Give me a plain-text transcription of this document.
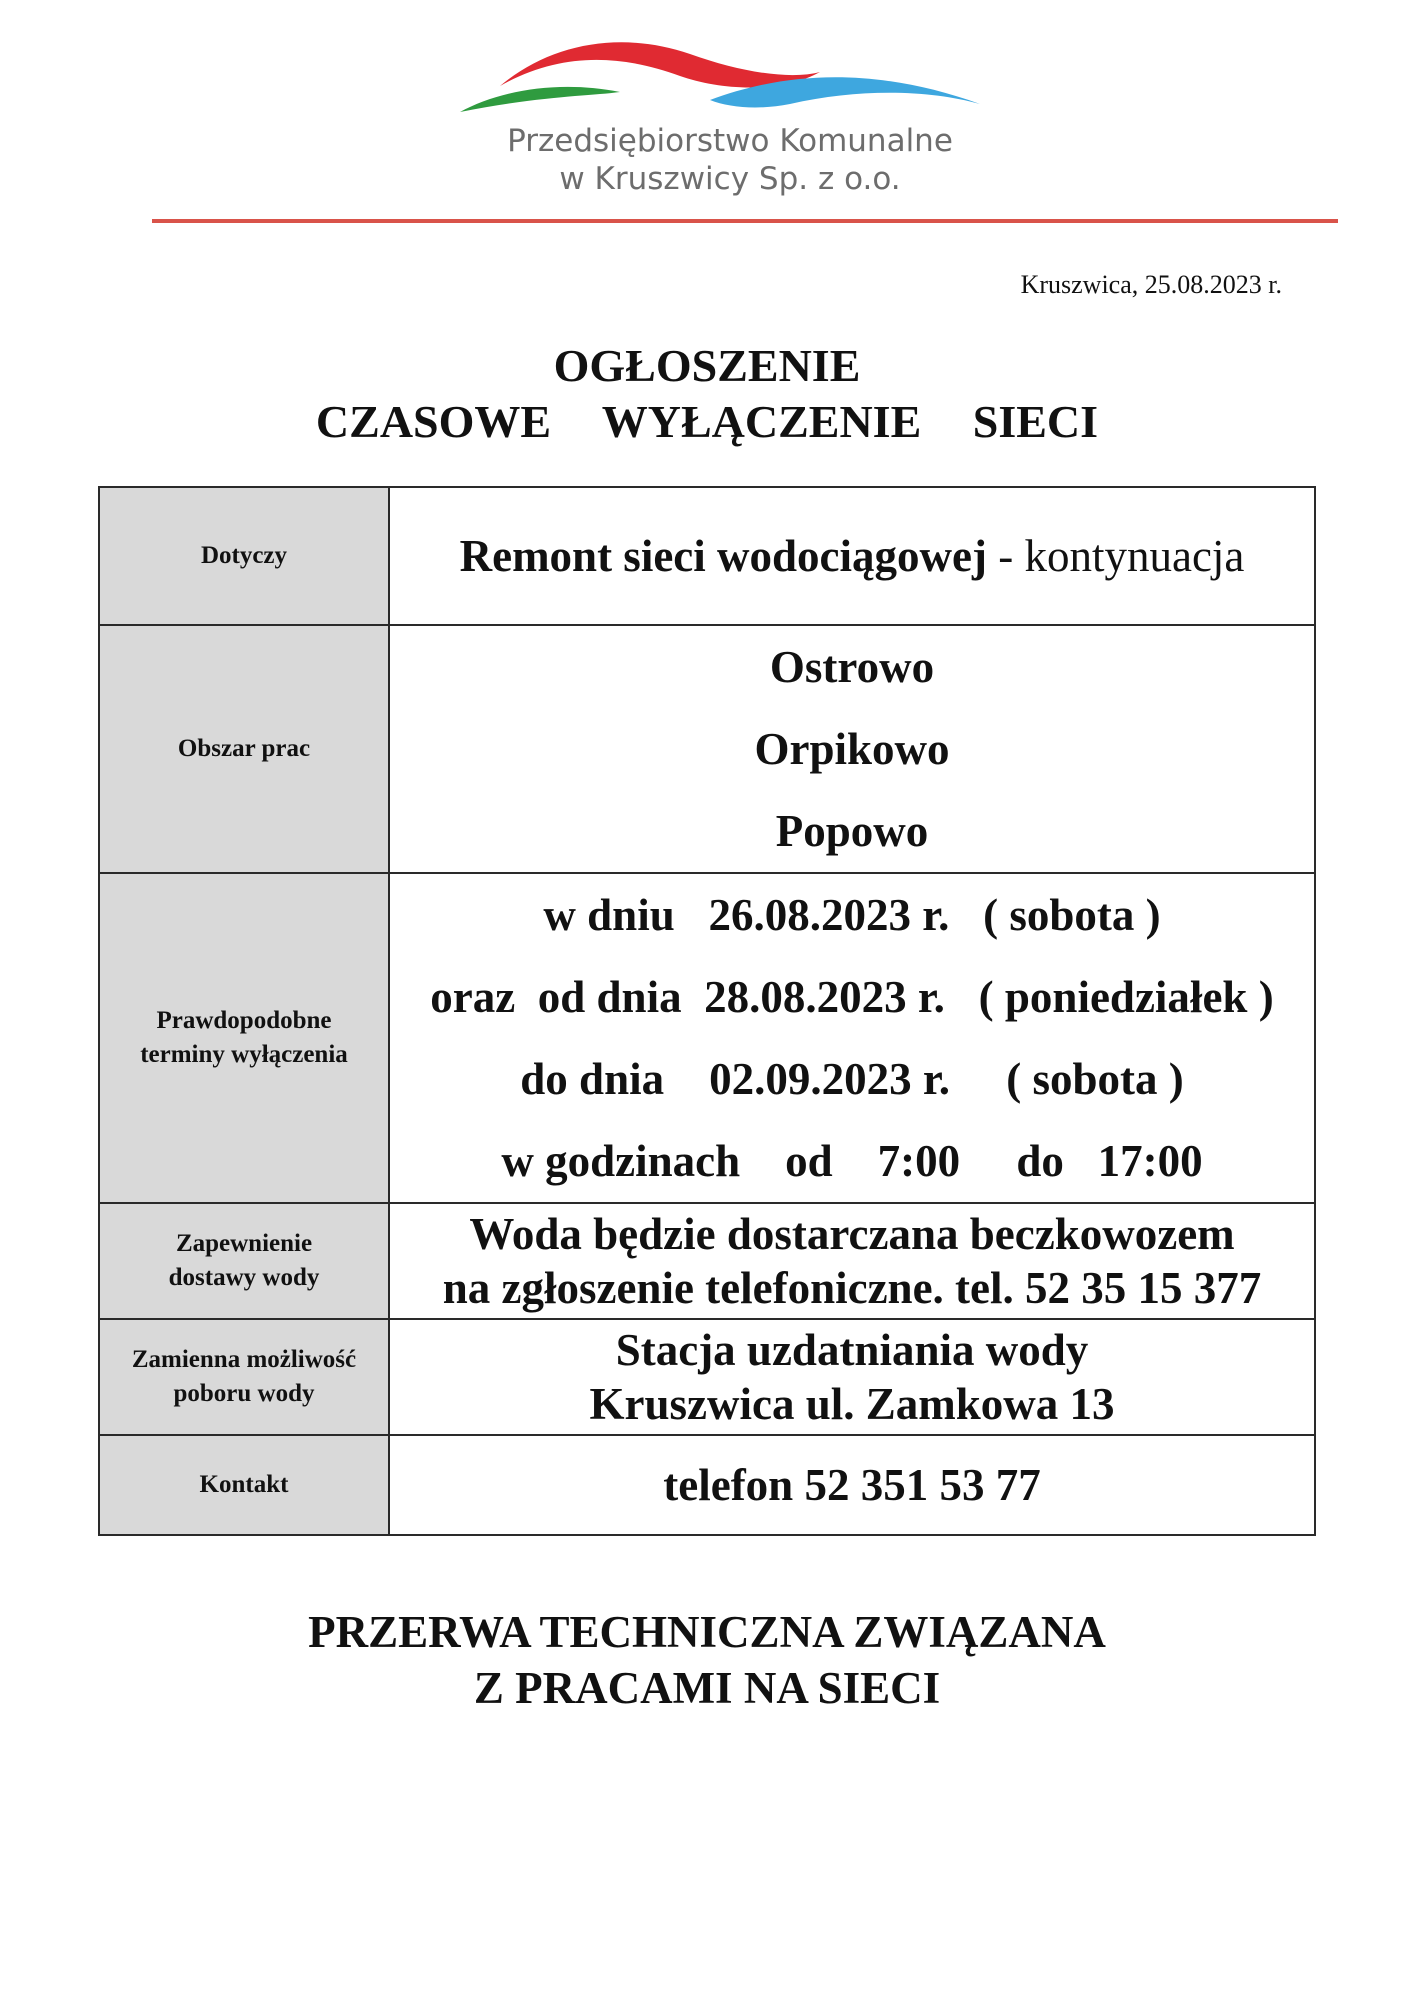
Przedsiębiorstwo Komunalne
w Kruszwicy Sp. z o.o.
Kruszwica, 25.08.2023 r.
OGŁOSZENIE
CZASOWE WYŁĄCZENIE SIECI
Dotyczy	Remont sieci wodociągowej - kontynuacja
Obszar prac	Ostrowo
Orpikowo
Popowo

Prawdopodobne
terminy wyłączenia	w dniu   26.08.2023 r.   ( sobota )
oraz  od dnia  28.08.2023 r.   ( poniedziałek )
do dnia    02.09.2023 r.     ( sobota )
w godzinach    od    7:00     do   17:00

Zapewnienie
dostawy wody	Woda będzie dostarczana beczkowozem
na zgłoszenie telefoniczne. tel. 52 35 15 377

Zamienna możliwość
poboru wody	Stacja uzdatniania wody
Kruszwica ul. Zamkowa 13

Kontakt	telefon 52 351 53 77
PRZERWA TECHNICZNA ZWIĄZANA
Z PRACAMI NA SIECI
